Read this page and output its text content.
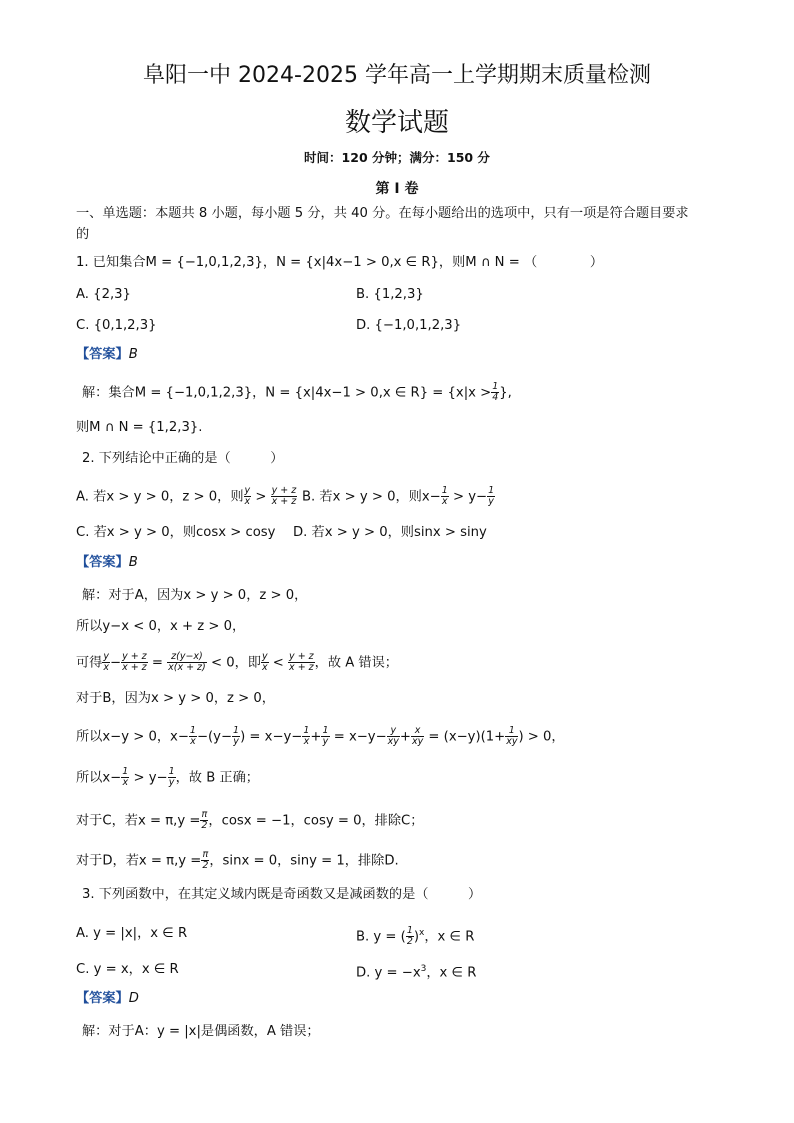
阜阳一中 2024-2025 学年高一上学期期末质量检测
数学试题
时间：120 分钟；满分：150 分
第 I 卷
一、单选题：本题共 8 小题，每小题 5 分，共 40 分。在每小题给出的选项中，只有一项是符合题目要求
的
1. 已知集合M = {−1,0,1,2,3}，N = {x|4x−1 > 0,x ∈ R}，则M ∩ N = （　　　　）
A. {2,3}	B. {1,2,3}
C. {0,1,2,3}	D. {−1,0,1,2,3}
【答案】B
解：集合M = {−1,0,1,2,3}，N = {x|4x−1 > 0,x ∈ $R\} = \{x|x > \frac{1}{4}$ },
则M ∩ N = {1,2,3}.
2. 下列结论中正确的是（　　　）
A. 若x > y > 0，z > 0，则 $\frac{y}{x} > \frac{y + z}{x + z} B$. 若x > y > 0，则$x- \frac{1}{x} > y- \frac{1}{y}$
C. 若x > y > 0，则cosx > cosy D. 若x > y > 0，则sinx > siny
【答案】B
解：对于A，因为x > y > 0，z > 0，
所以y−x < 0，x + z > 0，
可得 $\frac{y}{x} - \frac{y + z}{x + z} = \frac{z(y-x)}{x(x + z)} < 0$，即 $\frac{y}{x} < \frac{y + z}{x + z}$ ，故 A 错误；
对于B，因为x > y > 0，z > 0，
所以x−y > 0，$x- \frac{1}{x} -(y- \frac{1}{y}$ ) = $x-y- \frac{1}{x} + \frac{1}{y} = x-y- \frac{y}{xy} + \frac{x}{xy} = (x-y)(1+ \frac{1}{xy}$ ) > 0，
所以$x- \frac{1}{x} > y- \frac{1}{y}$ ，故 B 正确；
对于C，若$x = \pi,y = \frac{\pi}{2}$ ，cosx = −1，cosy = 0，排除C；
对于D，若$x = \pi,y = \frac{\pi}{2}$ ，sinx = 0，siny = 1，排除D.
3. 下列函数中，在其定义域内既是奇函数又是减函数的是（　　　）
A. y = |x|，x ∈ R	B. y = ( $\frac{1}{2} )^x$，x ∈ R
C. y = x，x ∈ R	D. $y = -x^3$，x ∈ R
【答案】D
解：对于A：y = |x|是偶函数，A 错误；
